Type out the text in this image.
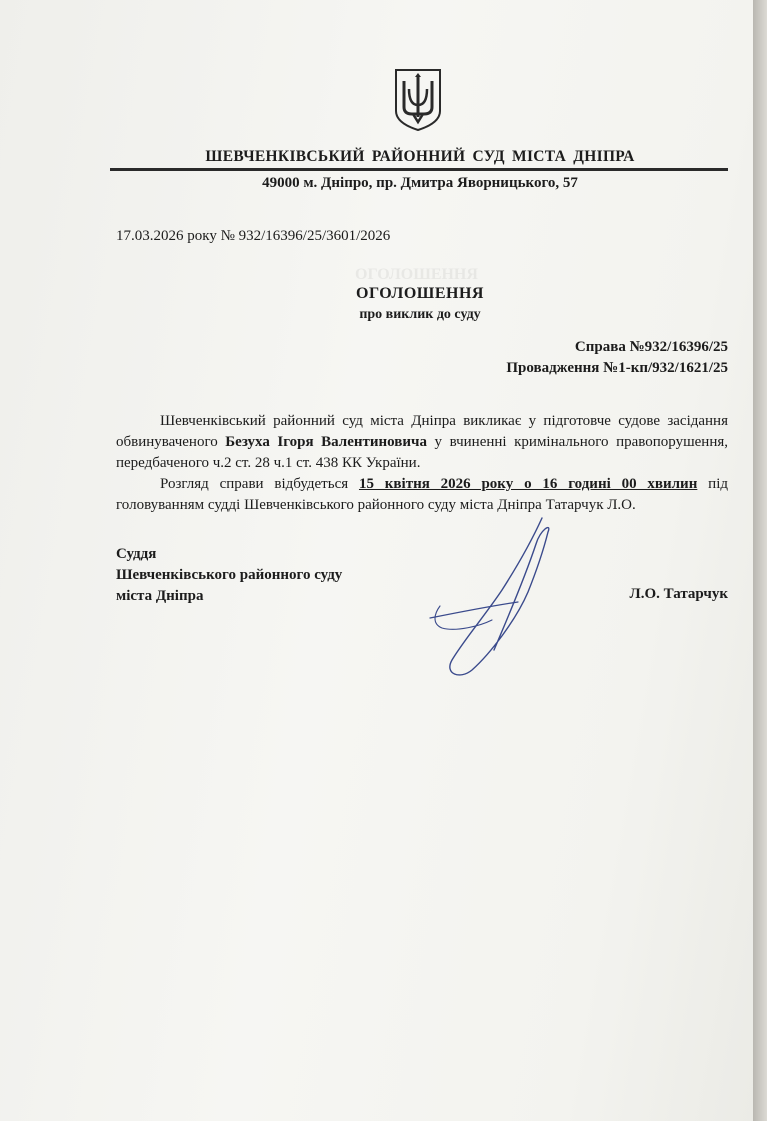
ШЕВЧЕНКІВСЬКИЙ РАЙОННИЙ СУД МІСТА ДНІПРА
49000 м. Дніпро, пр. Дмитра Яворницького, 57
17.03.2026 року № 932/16396/25/3601/2026
ОГОЛОШЕННЯ
ОГОЛОШЕННЯ
про виклик до суду
Справа №932/16396/25
Провадження №1-кп/932/1621/25

Шевченківський районний суд міста Дніпра викликає у підготовче судове засідання обвинуваченого Безуха Ігоря Валентиновича у вчиненні кримінального правопорушення, передбаченого ч.2 ст. 28 ч.1 ст. 438 КК України.

Розгляд справи відбудеться 15 квітня 2026 року о 16 годині 00 хвилин під головуванням судді Шевченківського районного суду міста Дніпра Татарчук Л.О.

Суддя
Шевченківського районного суду
міста Дніпра	Л.О. Татарчук
